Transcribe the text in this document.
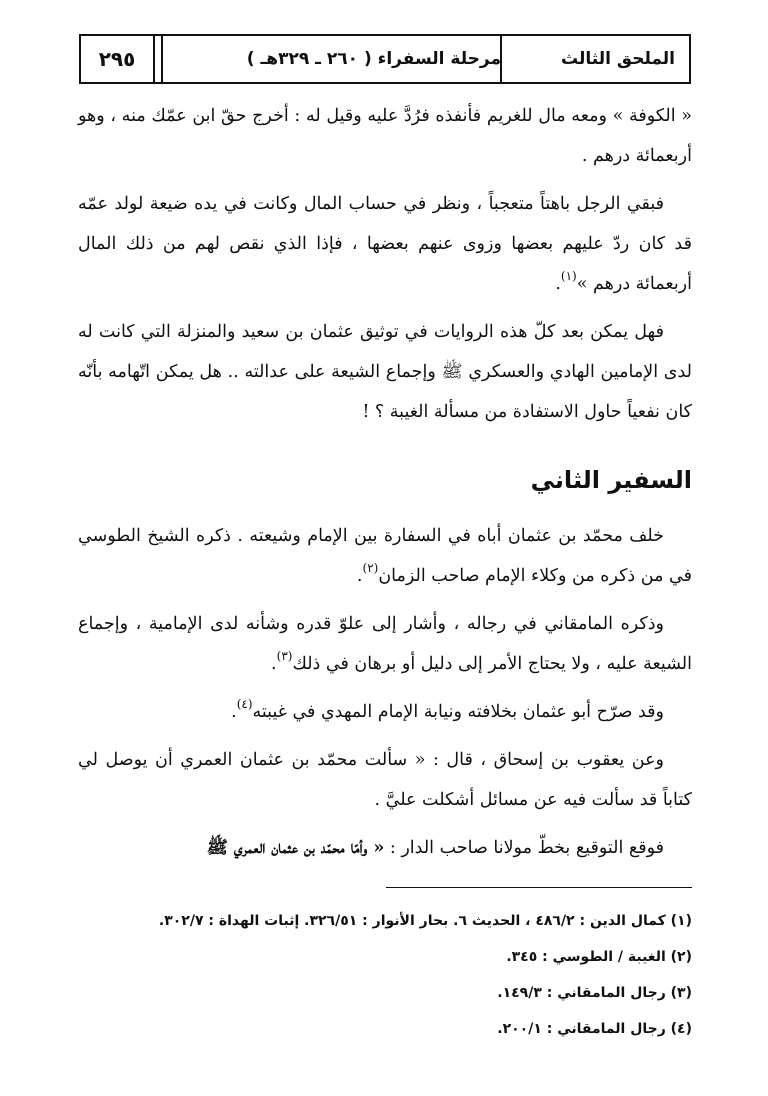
الملحق الثالث
مرحلة السفراء ( ٢٦٠ ـ ٣٢٩هـ )
٢٩٥

« الكوفة » ومعه مال للغريم فأنفذه فرُدَّ عليه وقيل له : أخرج حقّ ابن عمّك منه ، وهو أربعمائة درهم .

فبقي الرجل باهتاً متعجباً ، ونظر في حساب المال وكانت في يده ضيعة لولد عمّه قد كان ردّ عليهم بعضها وزوى عنهم بعضها ، فإذا الذي نقص لهم من ذلك المال أربعمائة درهم »$^{(١)}$.

فهل يمكن بعد كلّ هذه الروايات في توثيق عثمان بن سعيد والمنزلة التي كانت له لدى الإمامين الهادي والعسكري ﷺ وإجماع الشيعة على عدالته .. هل يمكن اتّهامه بأنّه كان نفعياً حاول الاستفادة من مسألة الغيبة ؟ !

السفير الثاني

خلف محمّد بن عثمان أباه في السفارة بين الإمام وشيعته . ذكره الشيخ الطوسي في من ذكره من وكلاء الإمام صاحب الزمان$^{(٢)}$.

وذكره المامقاني في رجاله ، وأشار إلى علوّ قدره وشأنه لدى الإمامية ، وإجماع الشيعة عليه ، ولا يحتاج الأمر إلى دليل أو برهان في ذلك$^{(٣)}$.

وقد صرّح أبو عثمان بخلافته ونيابة الإمام المهدي في غيبته$^{(٤)}$.

وعن يعقوب بن إسحاق ، قال : « سألت محمّد بن عثمان العمري أن يوصل لي كتاباً قد سألت فيه عن مسائل أشكلت عليَّ .

فوقع التوقيع بخطّ مولانا صاحب الدار : « وأمّا محمّد بن عثمان العمري ﷺ

(١) كمال الدين : ٤٨٦/٢ ، الحديث ٦. بحار الأنوار : ٣٢٦/٥١. إثبات الهداة : ٣٠٢/٧.
(٢) الغيبة / الطوسي : ٣٤٥.
(٣) رجال المامقاني : ١٤٩/٣.
(٤) رجال المامقاني : ٢٠٠/١.
